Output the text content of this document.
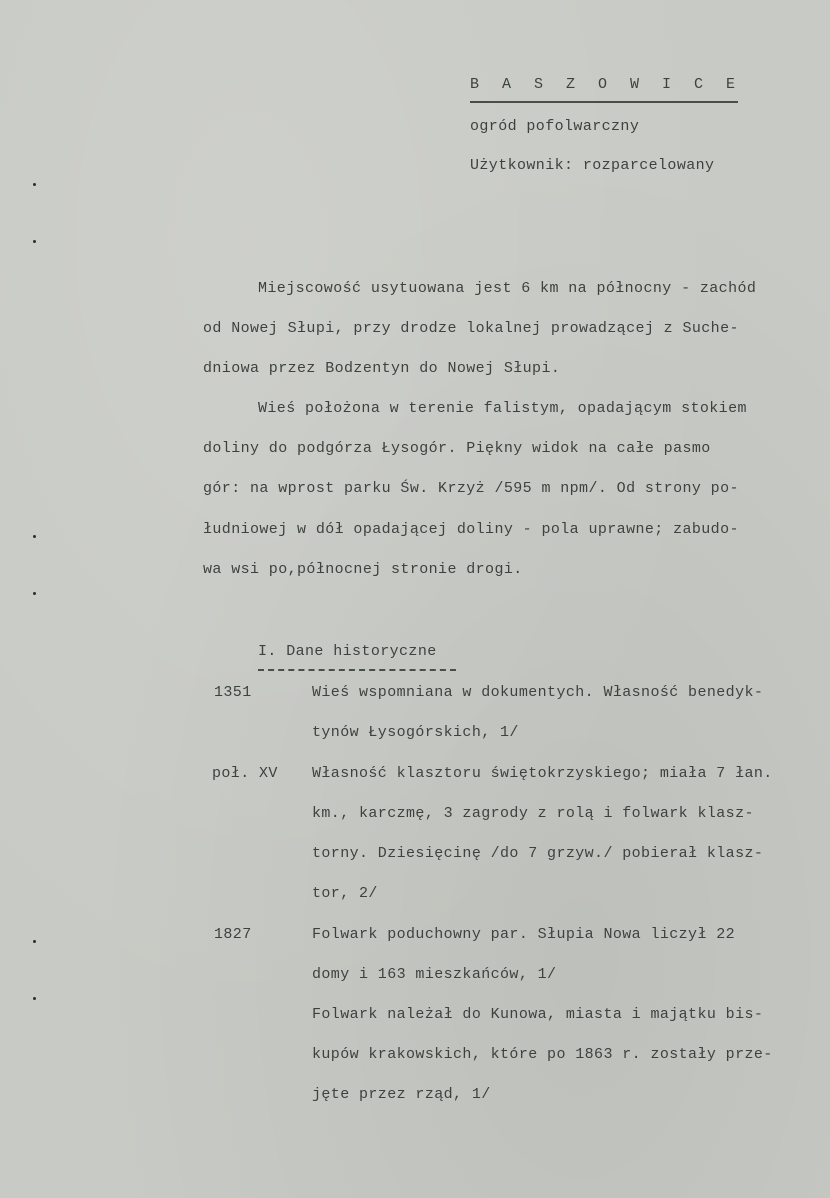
B A S Z O W I C E
ogród pofolwarczny
Użytkownik: rozparcelowany
Miejscowość usytuowana jest 6 km na północny - zachód
od Nowej Słupi, przy drodze lokalnej prowadzącej z Suche-
dniowa przez Bodzentyn do Nowej Słupi.
Wieś położona w terenie falistym, opadającym stokiem
doliny do podgórza Łysogór. Piękny widok na całe pasmo
gór: na wprost parku Św. Krzyż /595 m npm/. Od strony po-
łudniowej w dół opadającej doliny - pola uprawne; zabudo-
wa wsi po,północnej stronie drogi.
I. Dane historyczne
1351	Wieś wspomniana w dokumentych. Własność benedyk-
tynów Łysogórskich, 1/
poł. XV Własność klasztoru świętokrzyskiego; miała 7 łan.
km., karczmę, 3 zagrody z rolą i folwark klasz-
torny. Dziesięcinę /do 7 grzyw./ pobierał klasz-
tor, 2/
1827	Folwark poduchowny par. Słupia Nowa liczył 22
domy i 163 mieszkańców, 1/
Folwark należał do Kunowa, miasta i majątku bis-
kupów krakowskich, które po 1863 r. zostały prze-
jęte przez rząd, 1/
